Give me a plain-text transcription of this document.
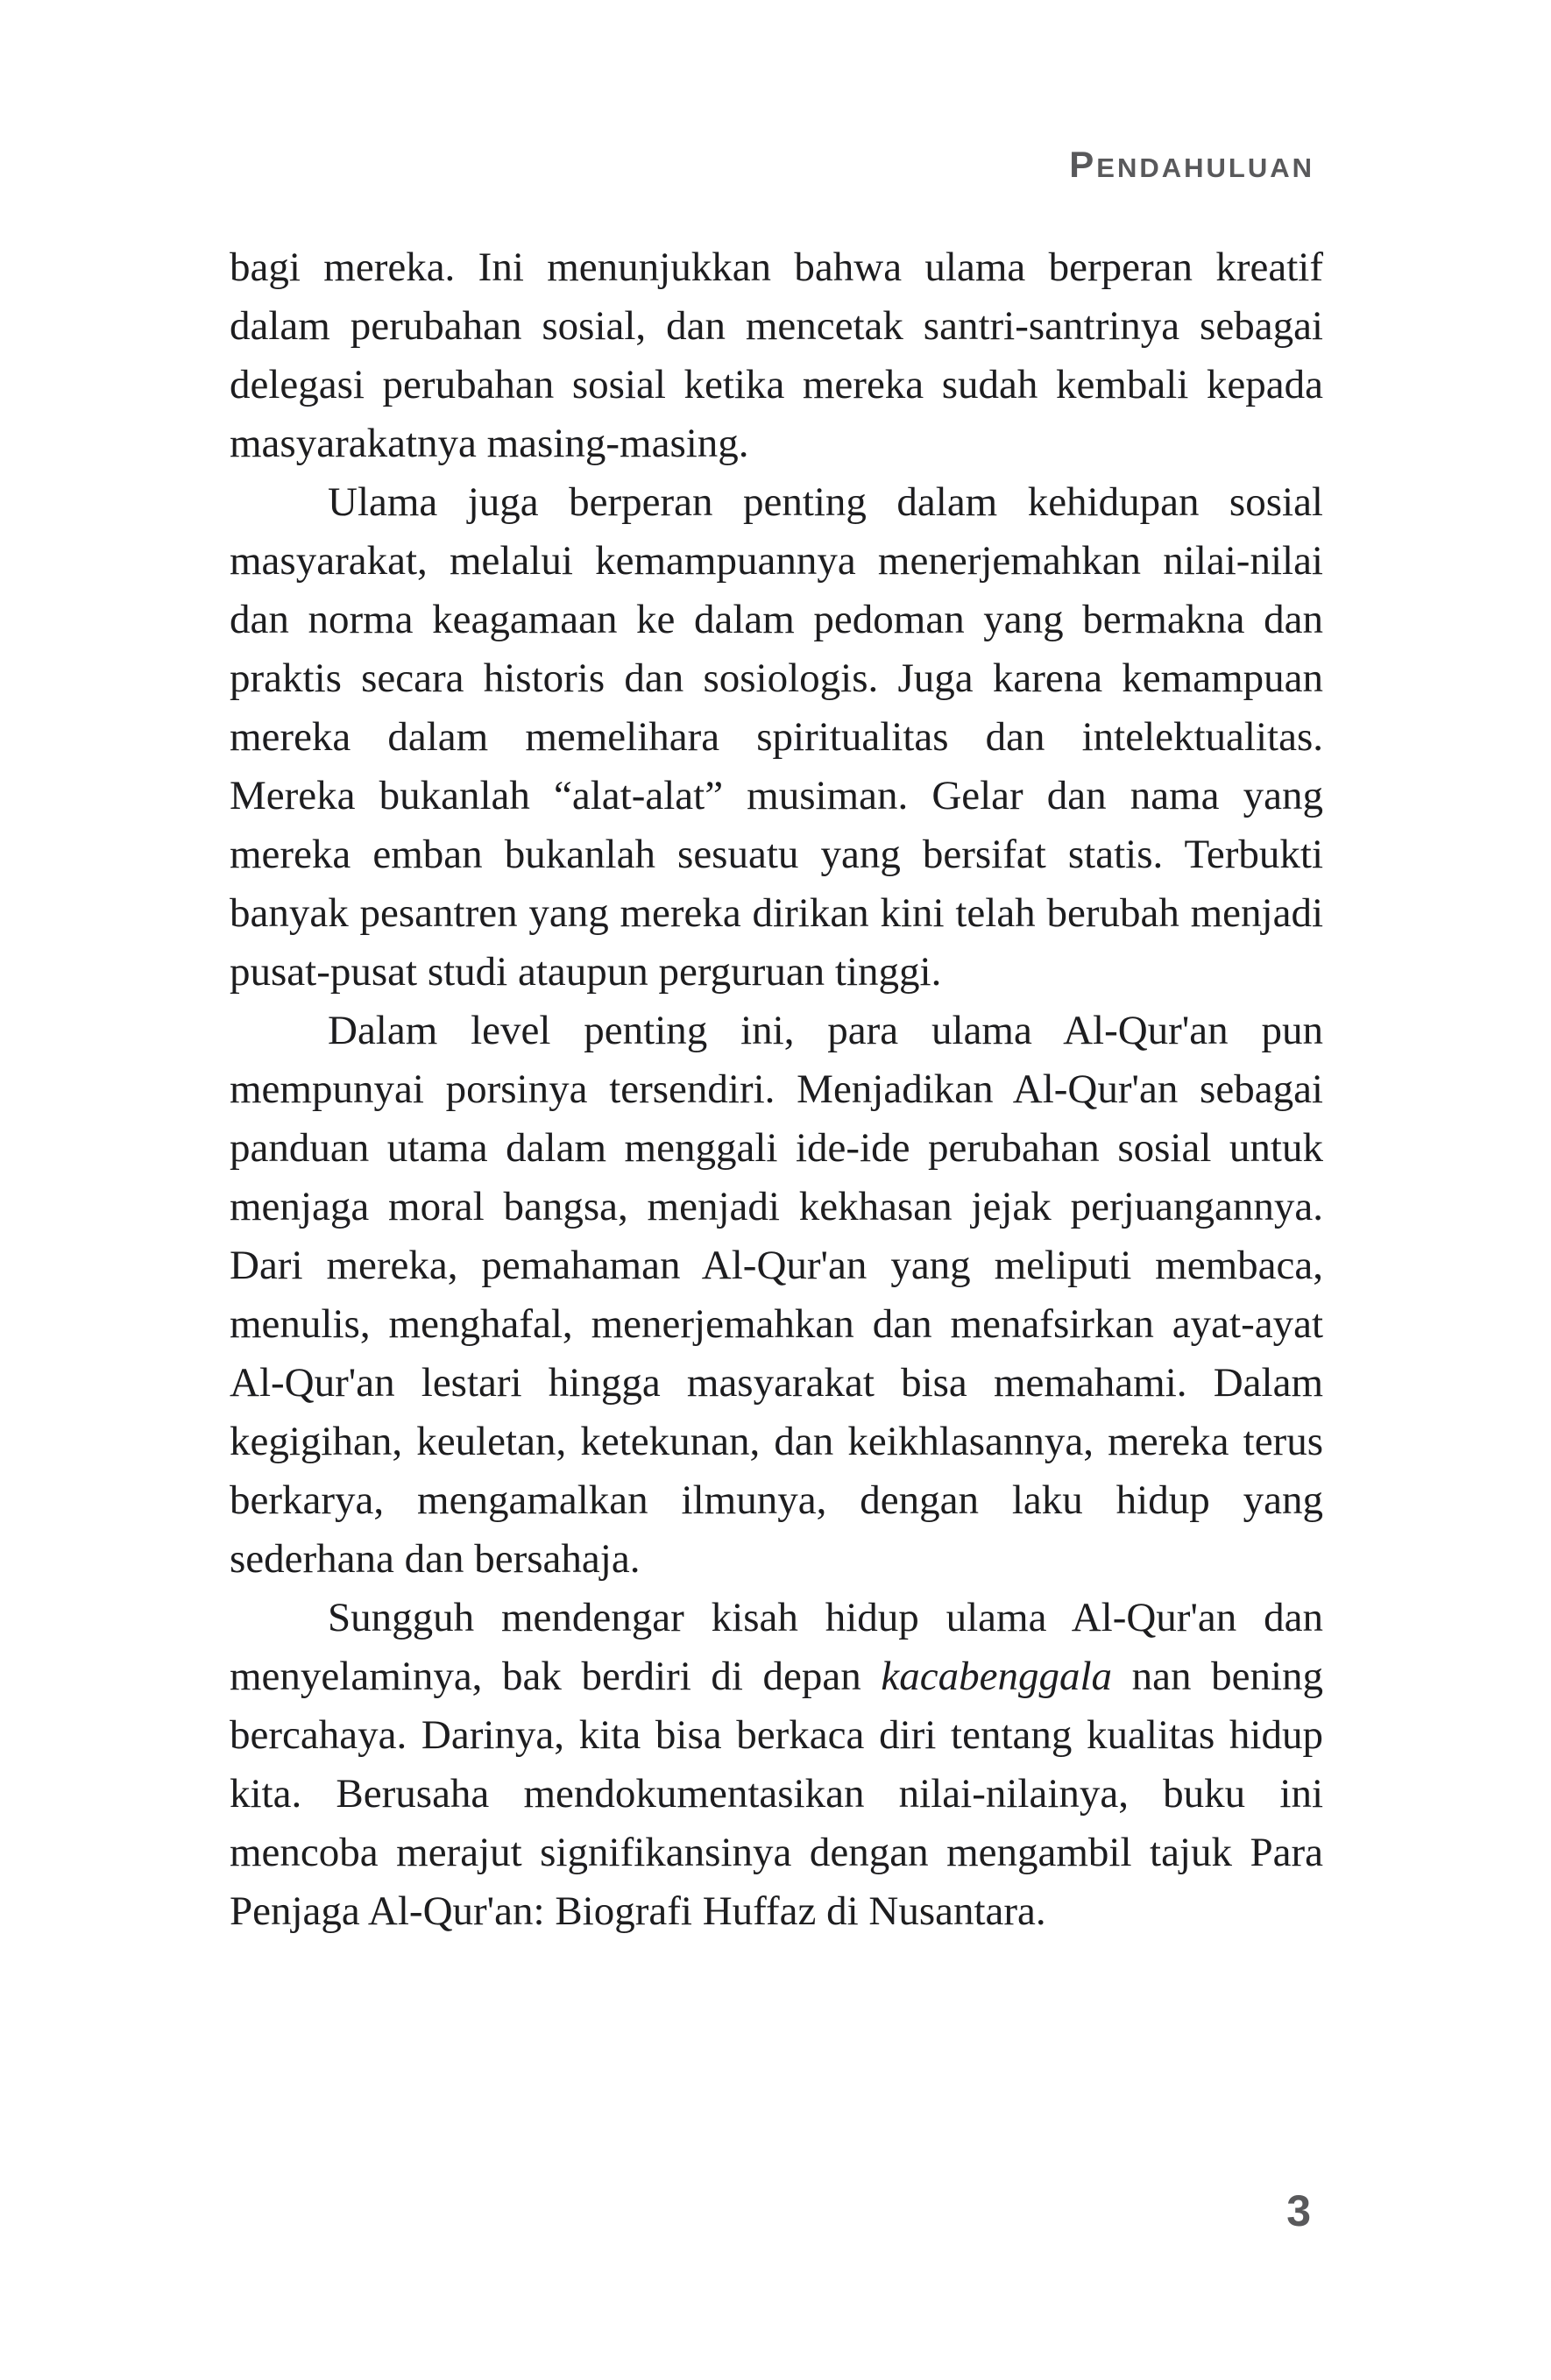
PENDAHULUAN

bagi mereka. Ini menunjukkan bahwa ulama berperan kreatif dalam perubahan sosial, dan mencetak santri-santrinya sebagai delegasi perubahan sosial ketika mereka sudah kembali kepada masyarakatnya masing-masing.

Ulama juga berperan penting dalam kehidupan sosial masyarakat, melalui kemampuannya menerjemahkan nilai-nilai dan norma keagamaan ke dalam pedoman yang bermakna dan praktis secara historis dan sosiologis. Juga karena kemampuan mereka dalam memelihara spiritualitas dan intelektualitas. Mereka bukanlah “alat-alat” musiman. Gelar dan nama yang mereka emban bukanlah sesuatu yang bersifat statis. Terbukti banyak pesantren yang mereka dirikan kini telah berubah menjadi pusat-pusat studi ataupun perguruan tinggi.

Dalam level penting ini, para ulama Al-Qur'an pun mempunyai porsinya tersendiri. Menjadikan Al-Qur'an sebagai panduan utama dalam menggali ide-ide perubahan sosial untuk menjaga moral bangsa, menjadi kekhasan jejak perjuangannya. Dari mereka, pemahaman Al-Qur'an yang meliputi membaca, menulis, menghafal, menerjemahkan dan menafsirkan ayat-ayat Al-Qur'an lestari hingga masyarakat bisa memahami. Dalam kegigihan, keuletan, ketekunan, dan keikhlasannya, mereka terus berkarya, mengamalkan ilmunya, dengan laku hidup yang sederhana dan bersahaja.

Sungguh mendengar kisah hidup ulama Al-Qur'an dan menyelaminya, bak berdiri di depan kacabenggala nan bening bercahaya. Darinya, kita bisa berkaca diri tentang kualitas hidup kita. Berusaha mendokumentasikan nilai-nilainya, buku ini mencoba merajut signifikansinya dengan mengambil tajuk Para Penjaga Al-Qur'an: Biografi Huffaz di Nusantara.

3
